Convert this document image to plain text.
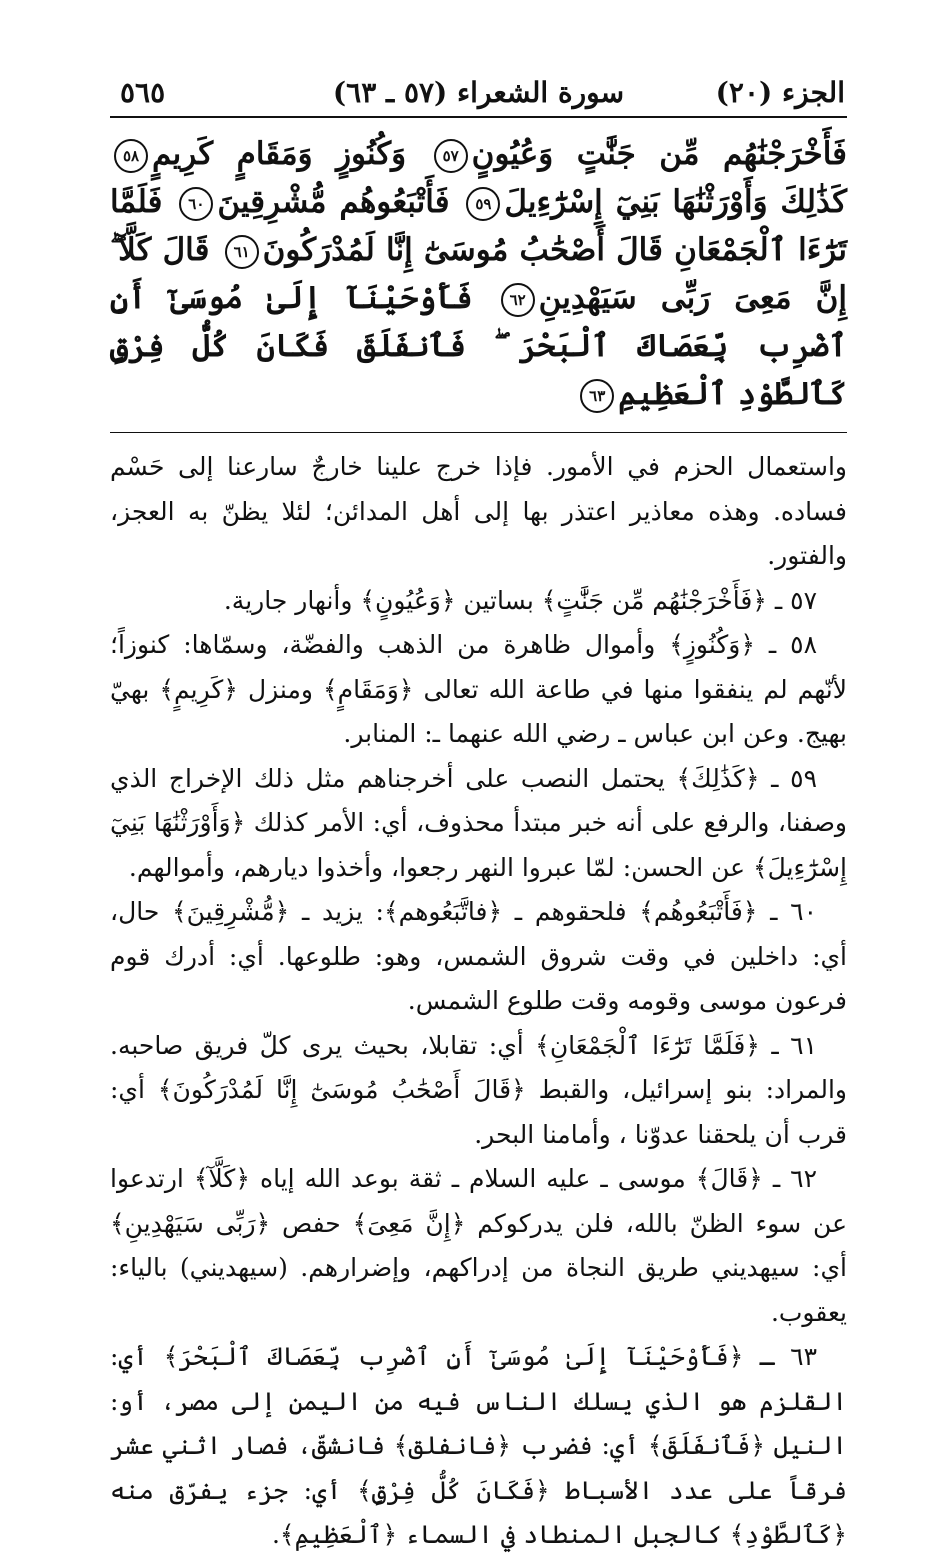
الجزء (٢٠)
سورة الشعراء (٥٧ ـ ٦٣)
٥٦٥
فَأَخْرَجْنَٰهُم مِّن جَنَّٰتٍ وَعُيُونٍ٥٧ وَكُنُوزٍ وَمَقَامٍ كَرِيمٍ٥٨ كَذَٰلِكَ وَأَوْرَثْنَٰهَا بَنِيٓ إِسْرَٰٓءِيلَ٥٩ فَأَتْبَعُوهُم مُّشْرِقِينَ٦٠ فَلَمَّا تَرَٰٓءَا ٱلْجَمْعَانِ قَالَ أَصْحَٰبُ مُوسَىٰٓ إِنَّا لَمُدْرَكُونَ٦١ قَالَ كَلَّآ ۖ إِنَّ مَعِىَ رَبِّى سَيَهْدِينِ٦٢ فَأَوْحَيْنَآ إِلَىٰ مُوسَىٰٓ أَنِ ٱضْرِب بِّعَصَاكَ ٱلْبَحْرَ ۖ فَٱنفَلَقَ فَكَانَ كُلُّ فِرْقٍ كَٱلطَّوْدِ ٱلْعَظِيمِ٦٣

واستعمال الحزم في الأمور. فإذا خرج علينا خارجٌ سارعنا إلى حَسْم فساده. وهذه معاذير اعتذر بها إلى أهل المدائن؛ لئلا يظنّ به العجز، والفتور.

٥٧ ـ ﴿فَأَخْرَجْنَٰهُم مِّن جَنَّٰتٍ﴾ بساتين ﴿وَعُيُونٍ﴾ وأنهار جارية.

٥٨ ـ ﴿وَكُنُوزٍ﴾ وأموال ظاهرة من الذهب والفضّة، وسمّاها: كنوزاً؛ لأنّهم لم ينفقوا منها في طاعة الله تعالى ﴿وَمَقَامٍ﴾ ومنزل ﴿كَرِيمٍ﴾ بهيّ بهيج. وعن ابن عباس ـ رضي الله عنهما ـ: المنابر.

٥٩ ـ ﴿كَذَٰلِكَ﴾ يحتمل النصب على أخرجناهم مثل ذلك الإخراج الذي وصفنا، والرفع على أنه خبر مبتدأ محذوف، أي: الأمر كذلك ﴿وَأَوْرَثْنَٰهَا بَنِيٓ إِسْرَٰٓءِيلَ﴾ عن الحسن: لمّا عبروا النهر رجعوا، وأخذوا ديارهم، وأموالهم.

٦٠ ـ ﴿فَأَتْبَعُوهُم﴾ فلحقوهم ـ ﴿فاتَّبَعُوهم﴾: يزيد ـ ﴿مُّشْرِقِينَ﴾ حال، أي: داخلين في وقت شروق الشمس، وهو: طلوعها. أي: أدرك قوم فرعون موسى وقومه وقت طلوع الشمس.

٦١ ـ ﴿فَلَمَّا تَرَٰٓءَا ٱلْجَمْعَانِ﴾ أي: تقابلا، بحيث يرى كلّ فريق صاحبه. والمراد: بنو إسرائيل، والقبط ﴿قَالَ أَصْحَٰبُ مُوسَىٰٓ إِنَّا لَمُدْرَكُونَ﴾ أي: قرب أن يلحقنا عدوّنا ، وأمامنا البحر.

٦٢ ـ ﴿قَالَ﴾ موسى ـ عليه السلام ـ ثقة بوعد الله إياه ﴿كَلَّآ﴾ ارتدعوا عن سوء الظنّ بالله، فلن يدركوكم ﴿إِنَّ مَعِىَ﴾ حفص ﴿رَبِّى سَيَهْدِينِ﴾ أي: سيهديني طريق النجاة من إدراكهم، وإضرارهم. (سيهديني) بالياء: يعقوب.

٦٣ ـ ﴿فَأَوْحَيْنَآ إِلَىٰ مُوسَىٰٓ أَنِ ٱضْرِب بِّعَصَاكَ ٱلْبَحْرَ﴾ أي: القلزم هو الذي يسلك الناس فيه من اليمن إلى مصر، أو: النيل ﴿فَٱنفَلَقَ﴾ أي: فضرب ﴿فانفلق﴾ فانشقّ، فصار اثني عشر فرقاً على عدد الأسباط ﴿فَكَانَ كُلُّ فِرْقٍ﴾ أي: جزء يفرّق منه ﴿كَٱلطَّوْدِ﴾ كالجبل المنطاد في السماء ﴿ٱلْعَظِيمِ﴾.
